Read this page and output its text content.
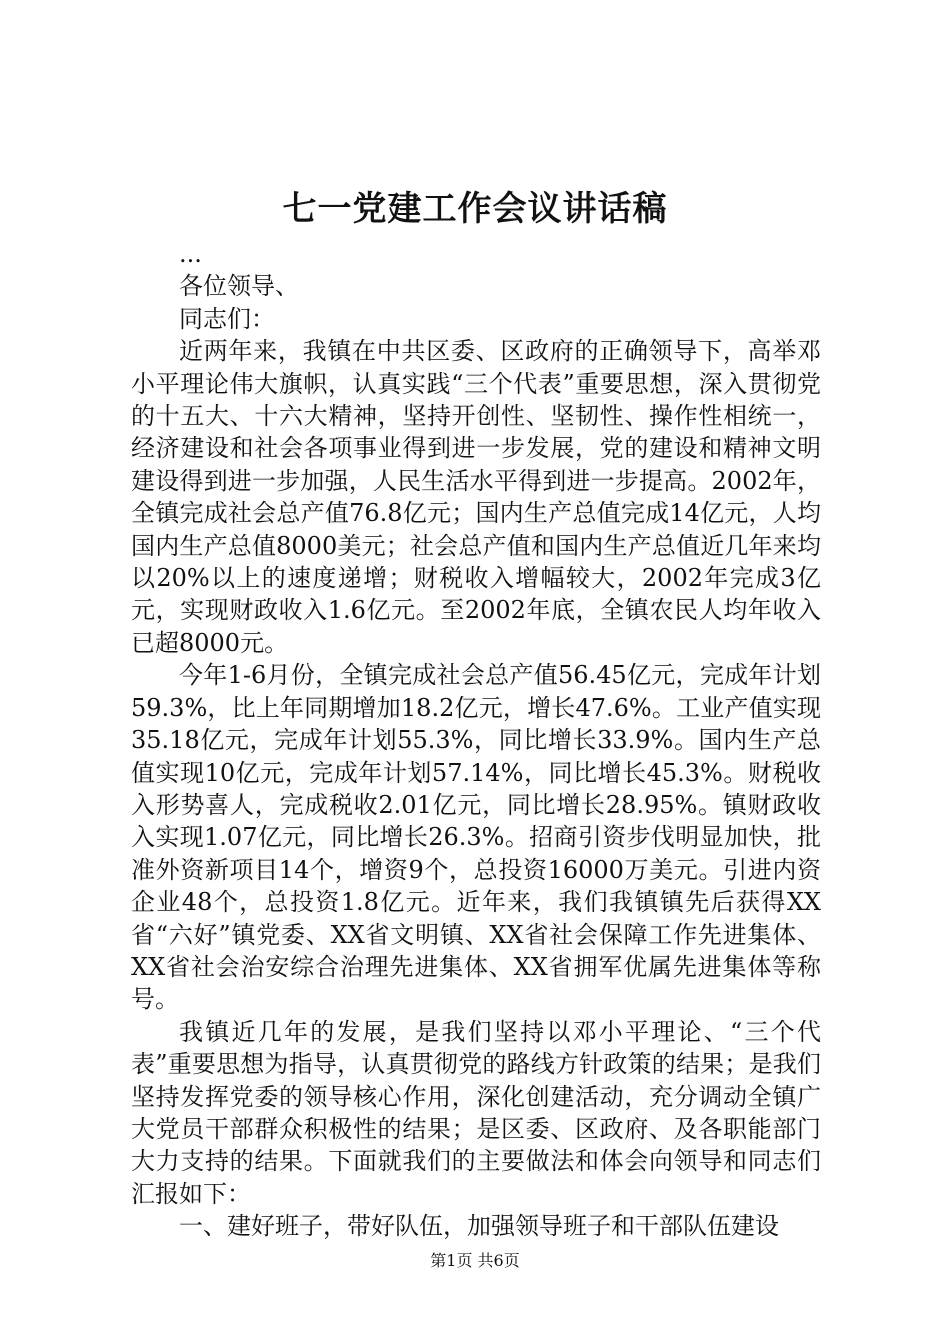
七一党建工作会议讲话稿

...

各位领导、

同志们：

近两年来，我镇在中共区委、区政府的正确领导下，高举邓小平理论伟大旗帜，认真实践“三个代表”重要思想，深入贯彻党的十五大、十六大精神，坚持开创性、坚韧性、操作性相统一，经济建设和社会各项事业得到进一步发展，党的建设和精神文明建设得到进一步加强，人民生活水平得到进一步提高。2002年，全镇完成社会总产值76.8亿元；国内生产总值完成14亿元，人均国内生产总值8000美元；社会总产值和国内生产总值近几年来均以20%以上的速度递增；财税收入增幅较大，2002年完成3亿元，实现财政收入1.6亿元。至2002年底，全镇农民人均年收入已超8000元。

今年1-6月份，全镇完成社会总产值56.45亿元，完成年计划59.3%，比上年同期增加18.2亿元，增长47.6%。工业产值实现35.18亿元，完成年计划55.3%，同比增长33.9%。国内生产总值实现10亿元，完成年计划57.14%，同比增长45.3%。财税收入形势喜人，完成税收2.01亿元，同比增长28.95%。镇财政收入实现1.07亿元，同比增长26.3%。招商引资步伐明显加快，批准外资新项目14个，增资9个，总投资16000万美元。引进内资企业48个，总投资1.8亿元。近年来，我们我镇镇先后获得XX省“六好”镇党委、XX省文明镇、XX省社会保障工作先进集体、XX省社会治安综合治理先进集体、XX省拥军优属先进集体等称号。

我镇近几年的发展，是我们坚持以邓小平理论、“三个代表”重要思想为指导，认真贯彻党的路线方针政策的结果；是我们坚持发挥党委的领导核心作用，深化创建活动，充分调动全镇广大党员干部群众积极性的结果；是区委、区政府、及各职能部门大力支持的结果。下面就我们的主要做法和体会向领导和同志们汇报如下：

一、建好班子，带好队伍，加强领导班子和干部队伍建设

第1页 共6页
